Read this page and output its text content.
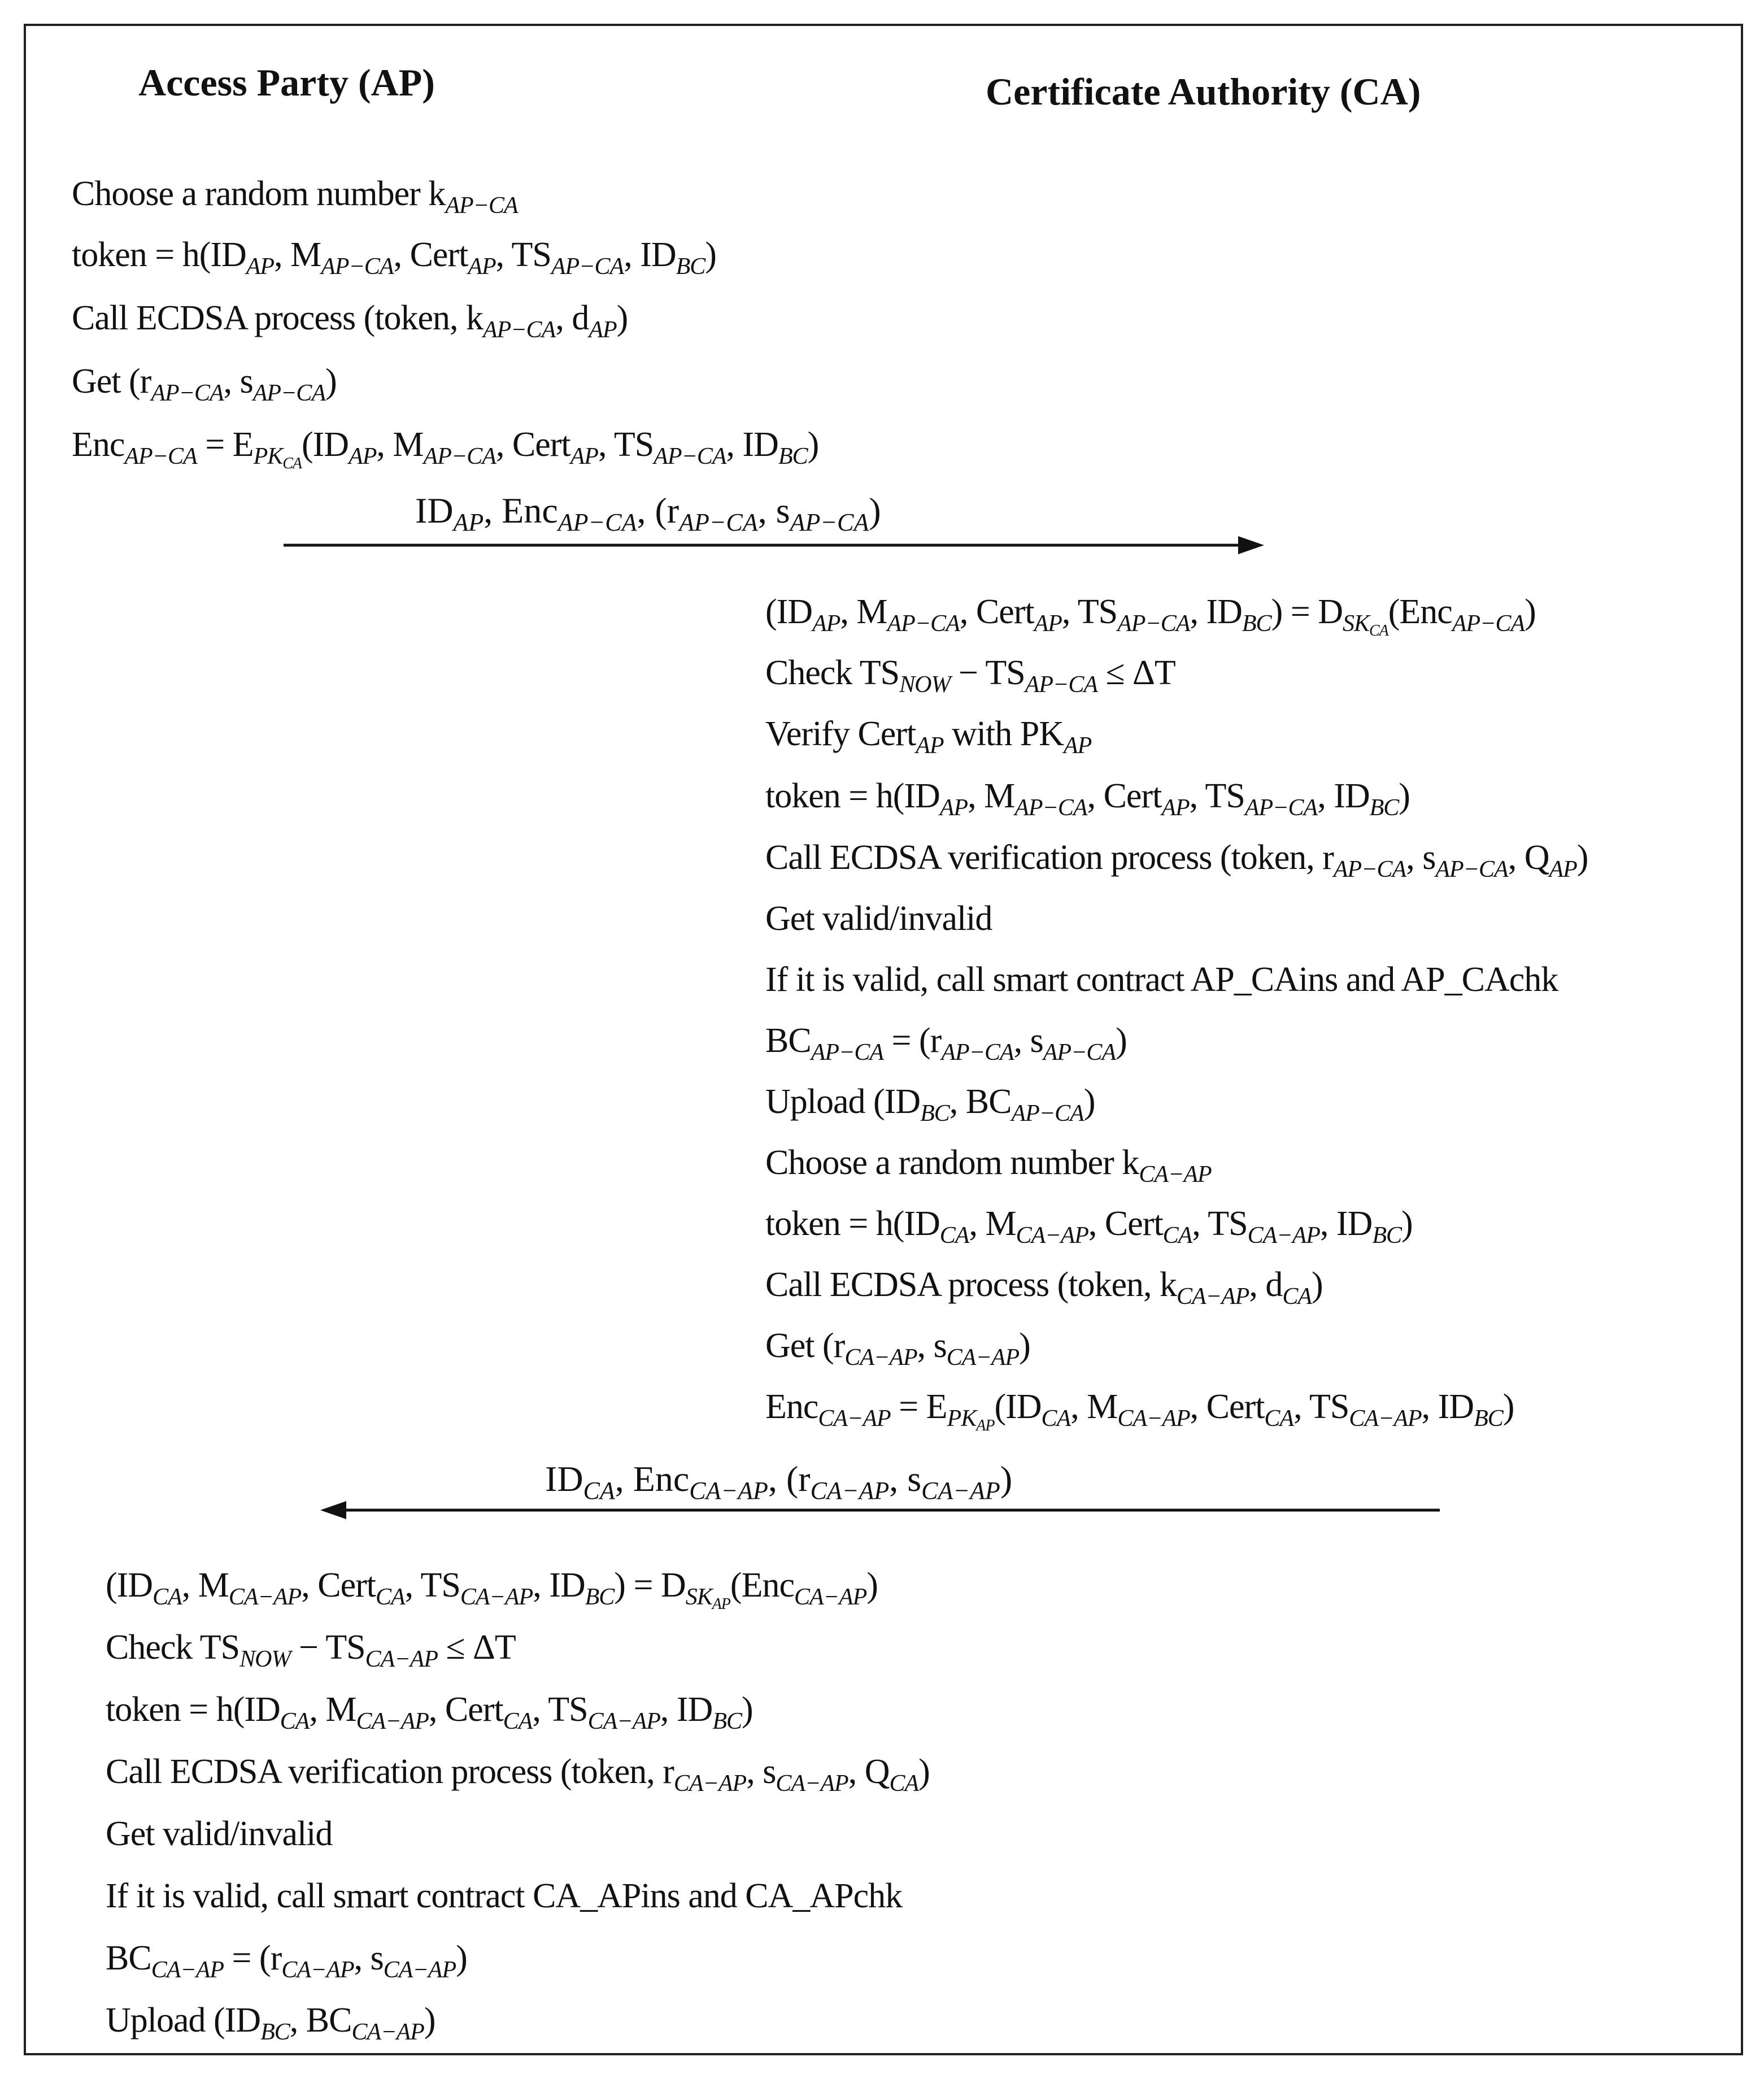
Access Party (AP)	Certificate Authority (CA)
Choose a random number $k_{AP-CA}$
token = $h(ID_{AP}$, $M_{AP-CA}$, Cert$_{AP}$, $TS_{AP-CA}$, $ID_{BC}$)
Call ECDSA process (token, $k_{AP-CA}$, $d_{AP}$)
Get ($r_{AP-CA}$, $s_{AP-CA}$)
$Enc_{AP-CA} = E_{PK_{CA}}(ID_{AP}$, $M_{AP-CA}$, Cert$_{AP}$, $TS_{AP-CA}$, $ID_{BC}$)
$ID_{AP}$, Enc$_{AP-CA}$, ($r_{AP-CA}$, $s_{AP-CA}$)
($ID_{AP}$, $M_{AP-CA}$, Cert$_{AP}$, $TS_{AP-CA}$, $ID_{BC}) = D_{SK_{CA}}(Enc_{AP-CA})$
Check $TS_{NOW} - TS_{AP-CA} \le \Delta T$
Verify Cert$_{AP}$ with $PK_{AP}$
token = $h(ID_{AP}$, $M_{AP-CA}$, Cert$_{AP}$, $TS_{AP-CA}$, $ID_{BC}$)
Call ECDSA verification process (token, $r_{AP-CA}$, $s_{AP-CA}$, $Q_{AP}$)
Get valid/invalid
If it is valid, call smart contract AP_CAins and AP_CAchk
$BC_{AP-CA} = (r_{AP-CA}$, $s_{AP-CA}$)
Upload ($ID_{BC}$, $BC_{AP-CA}$)
Choose a random number $k_{CA-AP}$
token = $h(ID_{CA}$, $M_{CA-AP}$, Cert$_{CA}$, $TS_{CA-AP}$, $ID_{BC}$)
Call ECDSA process (token, $k_{CA-AP}$, $d_{CA}$)
Get ($r_{CA-AP}$, $s_{CA-AP}$)
$Enc_{CA-AP} = E_{PK_{AP}}(ID_{CA}$, $M_{CA-AP}$, Cert$_{CA}$, $TS_{CA-AP}$, $ID_{BC}$)
$ID_{CA}$, Enc$_{CA-AP}$, ($r_{CA-AP}$, $s_{CA-AP}$)
($ID_{CA}$, $M_{CA-AP}$, Cert$_{CA}$, $TS_{CA-AP}$, $ID_{BC}) = D_{SK_{AP}}(Enc_{CA-AP})$
Check $TS_{NOW} - TS_{CA-AP} \le \Delta T$
token = $h(ID_{CA}$, $M_{CA-AP}$, Cert$_{CA}$, $TS_{CA-AP}$, $ID_{BC}$)
Call ECDSA verification process (token, $r_{CA-AP}$, $s_{CA-AP}$, $Q_{CA}$)
Get valid/invalid
If it is valid, call smart contract CA_APins and CA_APchk
$BC_{CA-AP} = (r_{CA-AP}$, $s_{CA-AP}$)
Upload ($ID_{BC}$, $BC_{CA-AP}$)
